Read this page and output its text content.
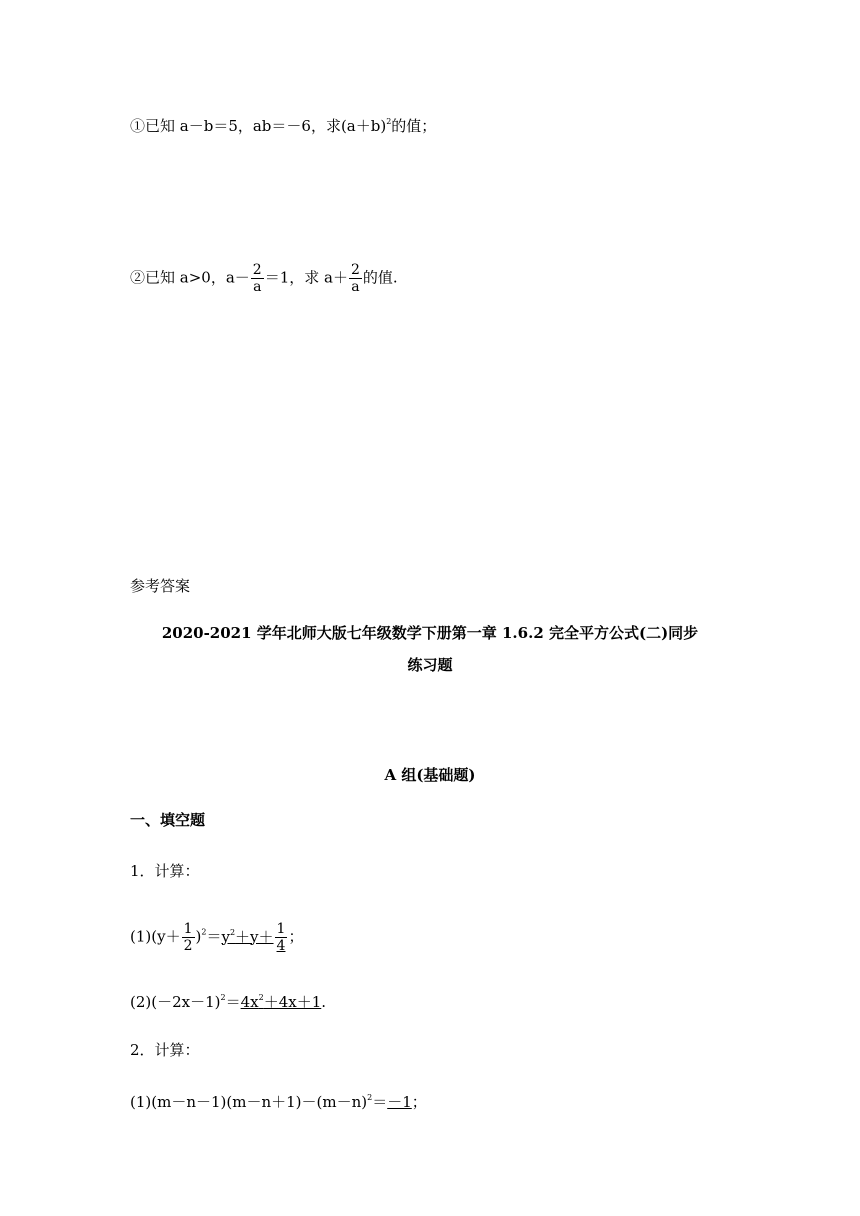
①已知 a－b＝5，ab＝－6，求$(a+b)^2$的值；
②已知 a>0，$a- \frac{2}{a} =1$，求 $a+ \frac{2}{a}$ 的值.
参考答案
2020-2021 学年北师大版七年级数学下册第一章 1.6.2 完全平方公式(二)同步
练习题
A 组(基础题)
一、填空题
1．计算：
$(1)(y+ \frac{1}{2} )^2=y^2+y+ \frac{1}{4}$ ；
$(2)(-2x-1)^2=4x^2+4x+1$.
2．计算：
$(1)(m-n-1)(m-n+1)-(m-n)^2=-1$；
